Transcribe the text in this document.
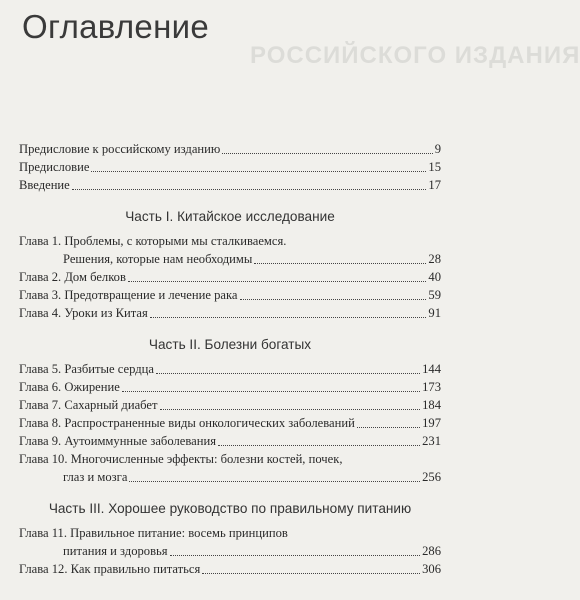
РОССИЙСКОГО ИЗДАНИЯ
Оглавление
Предисловие к российскому изданию	9
Предисловие	15
Введение	17
Часть I. Китайское исследование
Глава 1. Проблемы, с которыми мы сталкиваемся.
Решения, которые нам необходимы	28
Глава 2. Дом белков	40
Глава 3. Предотвращение и лечение рака	59
Глава 4. Уроки из Китая	91
Часть II. Болезни богатых
Глава 5. Разбитые сердца	144
Глава 6. Ожирение	173
Глава 7. Сахарный диабет	184
Глава 8. Распространенные виды онкологических заболеваний	197
Глава 9. Аутоиммунные заболевания	231
Глава 10. Многочисленные эффекты: болезни костей, почек,
глаз и мозга	256
Часть III. Хорошее руководство по правильному питанию
Глава 11. Правильное питание: восемь принципов
питания и здоровья	286
Глава 12. Как правильно питаться	306
